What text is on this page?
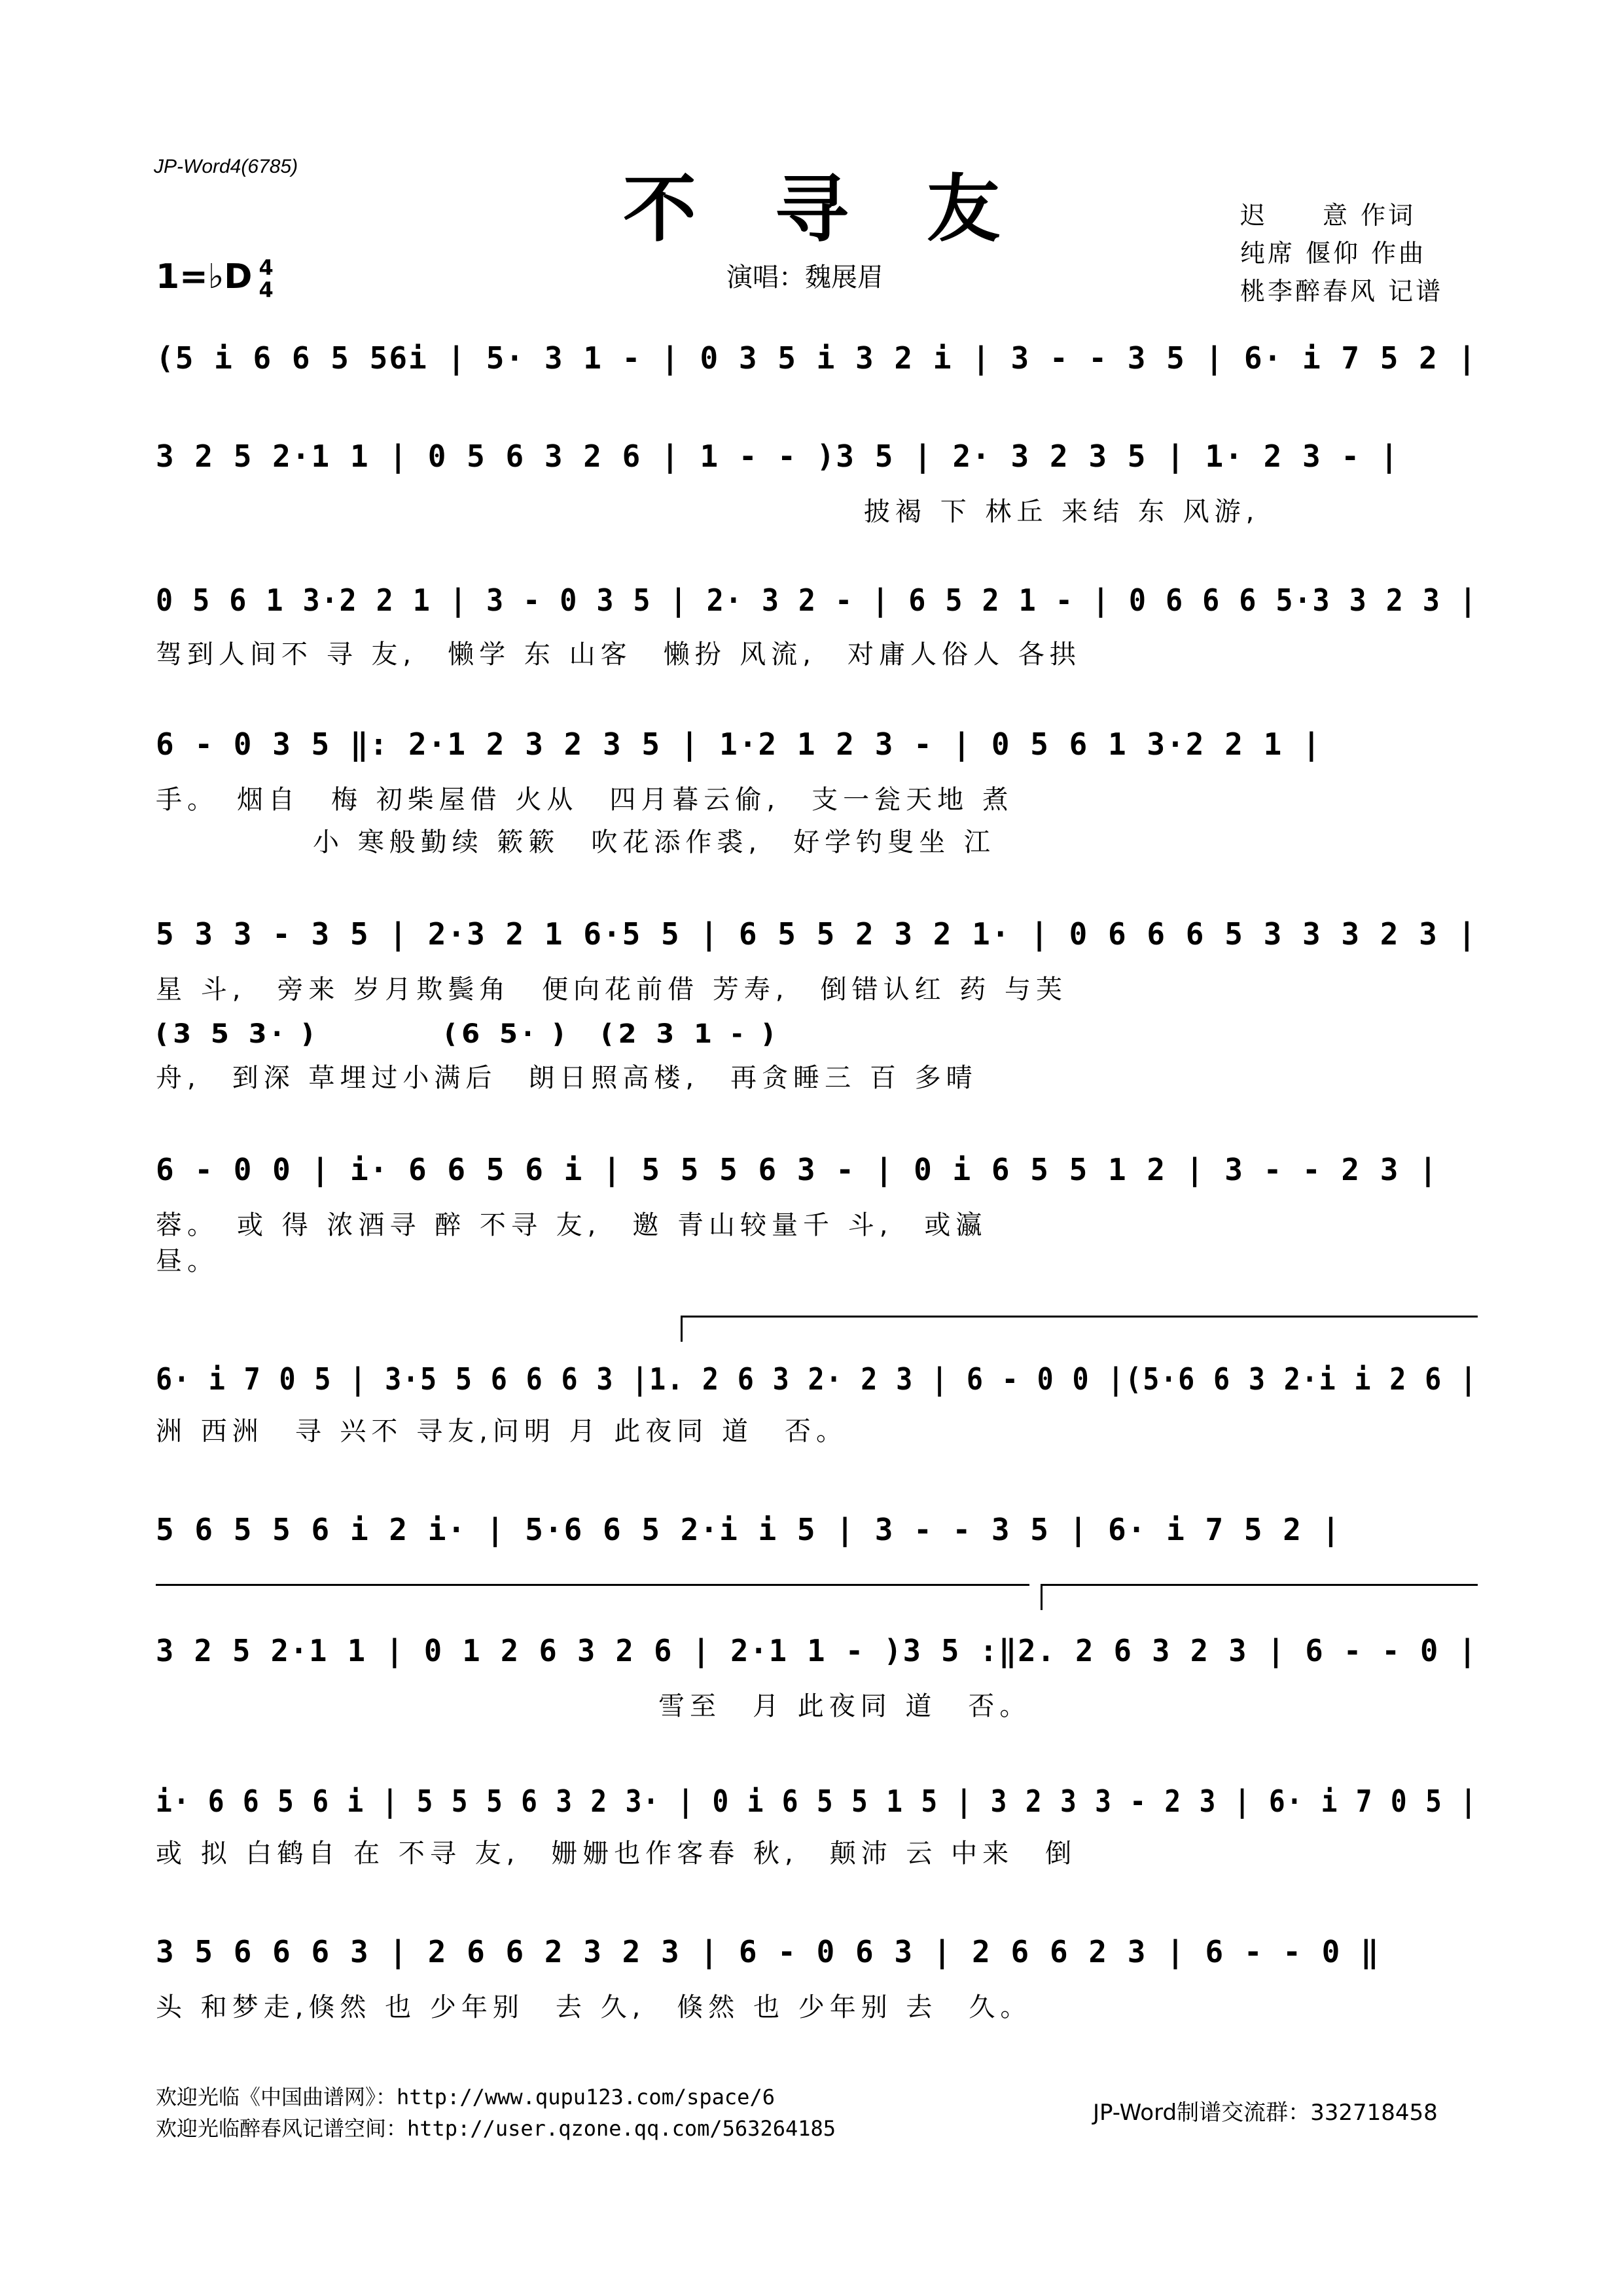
JP-Word4(6785)	不寻友
1=♭D 4
4	演唱：魏展眉
迟　　意 作词
纯席 偃仰 作曲
桃李醉春风 记谱
(5 i 6 6 5 56i | 5· 3 1 - | 0 3 5 i 3 2 i | 3 - - 3 5 | 6· i 7 5 2 |
3 2 5 2·1 1 | 0 5 6 3 2 6 | 1 - - )3 5 | 2· 3 2 3 5 | 1· 2 3 - |
披褐 下 林丘 来结 东 风游,
0 5 6 1 3·2 2 1 | 3 - 0 3 5 | 2· 3 2 - | 6 5 2 1 - | 0 6 6 6 5·3 3 2 3 |
驾到人间不 寻 友,　懒学 东 山客　懒扮 风流,　对庸人俗人 各拱
6 - 0 3 5 ‖: 2·1 2 3 2 3 5 | 1·2 1 2 3 - | 0 5 6 1 3·2 2 1 |
手。　烟自　梅 初柴屋借 火从　四月暮云偷,　支一瓮天地 煮
　　　　　小 寒般勤续 簌簌　吹花添作裘,　好学钓叟坐 江
5 3 3 - 3 5 | 2·3 2 1 6·5 5 | 6 5 5 2 3 2 1· | 0 6 6 6 5 3 3 3 2 3 |
星 斗,　旁来 岁月欺鬓角　便向花前借 芳寿,　倒错认红 药 与芙
(3 5 3· )　　　　(6 5· )　(2 3 1 - )
舟,　到深 草埋过小满后　朗日照高楼,　再贪睡三 百 多晴
6 - 0 0 | i· 6 6 5 6 i | 5 5 5 6 3 - | 0 i 6 5 5 1 2 | 3 - - 2 3 |
蓉。　或 得 浓酒寻 醉 不寻 友,　邀 青山较量千 斗,　或瀛
昼。
6· i 7 0 5 | 3·5 5 6 6 6 3 |1. 2 6 3 2· 2 3 | 6 - 0 0 |(5·6 6 3 2·i i 2 6 |
洲 西洲　寻 兴不 寻友,问明 月 此夜同 道　否。
5 6 5 5 6 i 2 i· | 5·6 6 5 2·i i 5 | 3 - - 3 5 | 6· i 7 5 2 |
3 2 5 2·1 1 | 0 1 2 6 3 2 6 | 2·1 1 - )3 5 :‖2. 2 6 3 2 3 | 6 - - 0 |
　　　　　　　　　　　　　　　　雪至　月 此夜同 道　否。
i· 6 6 5 6 i | 5 5 5 6 3 2 3· | 0 i 6 5 5 1 5 | 3 2 3 3 - 2 3 | 6· i 7 0 5 |
或 拟 白鹤自 在 不寻 友,　姗姗也作客春 秋,　颠沛 云 中来　倒
3 5 6 6 6 3 | 2 6 6 2 3 2 3 | 6 - 0 6 3 | 2 6 6 2 3 | 6 - - 0 ‖
头 和梦走,倏然 也 少年别　去 久,　倏然 也 少年别 去　久。
欢迎光临《中国曲谱网》：http://www.qupu123.com/space/6
欢迎光临醉春风记谱空间：http://user.qzone.qq.com/563264185
JP-Word制谱交流群：332718458
